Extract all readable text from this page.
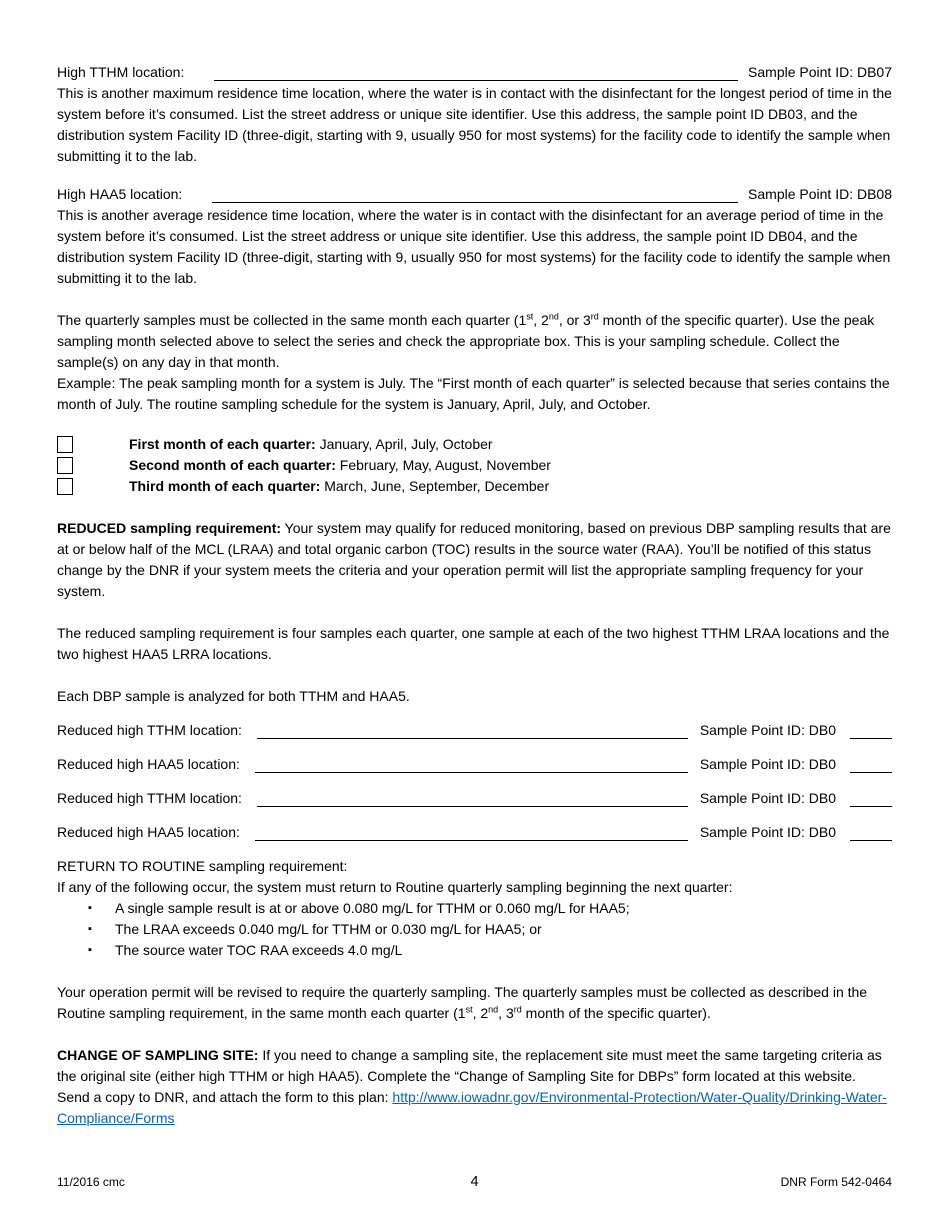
High TTHM location:	Sample Point ID: DB07

This is another maximum residence time location, where the water is in contact with the disinfectant for the longest period of time in the system before it’s consumed. List the street address or unique site identifier. Use this address, the sample point ID DB03, and the distribution system Facility ID (three-digit, starting with 9, usually 950 for most systems) for the facility code to identify the sample when submitting it to the lab.

High HAA5 location:	Sample Point ID: DB08

This is another average residence time location, where the water is in contact with the disinfectant for an average period of time in the system before it’s consumed. List the street address or unique site identifier. Use this address, the sample point ID DB04, and the distribution system Facility ID (three-digit, starting with 9, usually 950 for most systems) for the facility code to identify the sample when submitting it to the lab.

The quarterly samples must be collected in the same month each quarter (1st, 2nd, or 3rd month of the specific quarter). Use the peak sampling month selected above to select the series and check the appropriate box. This is your sampling schedule. Collect the sample(s) on any day in that month.

Example: The peak sampling month for a system is July. The “First month of each quarter” is selected because that series contains the month of July. The routine sampling schedule for the system is January, April, July, and October.

First month of each quarter: January, April, July, October
Second month of each quarter: February, May, August, November
Third month of each quarter: March, June, September, December

REDUCED sampling requirement: Your system may qualify for reduced monitoring, based on previous DBP sampling results that are at or below half of the MCL (LRAA) and total organic carbon (TOC) results in the source water (RAA). You’ll be notified of this status change by the DNR if your system meets the criteria and your operation permit will list the appropriate sampling frequency for your system.

The reduced sampling requirement is four samples each quarter, one sample at each of the two highest TTHM LRAA locations and the two highest HAA5 LRRA locations.

Each DBP sample is analyzed for both TTHM and HAA5.

Reduced high TTHM location:	Sample Point ID: DB0
Reduced high HAA5 location:	Sample Point ID: DB0
Reduced high TTHM location:	Sample Point ID: DB0
Reduced high HAA5 location:	Sample Point ID: DB0

RETURN TO ROUTINE sampling requirement:

If any of the following occur, the system must return to Routine quarterly sampling beginning the next quarter:

▪	A single sample result is at or above 0.080 mg/L for TTHM or 0.060 mg/L for HAA5;
▪	The LRAA exceeds 0.040 mg/L for TTHM or 0.030 mg/L for HAA5; or
▪	The source water TOC RAA exceeds 4.0 mg/L

Your operation permit will be revised to require the quarterly sampling. The quarterly samples must be collected as described in the Routine sampling requirement, in the same month each quarter (1st, 2nd, 3rd month of the specific quarter).

CHANGE OF SAMPLING SITE: If you need to change a sampling site, the replacement site must meet the same targeting criteria as the original site (either high TTHM or high HAA5). Complete the “Change of Sampling Site for DBPs” form located at this website. Send a copy to DNR, and attach the form to this plan: http://www.iowadnr.gov/Environmental-Protection/Water-Quality/Drinking-Water-Compliance/Forms

11/2016 cmc	4	DNR Form 542-0464
